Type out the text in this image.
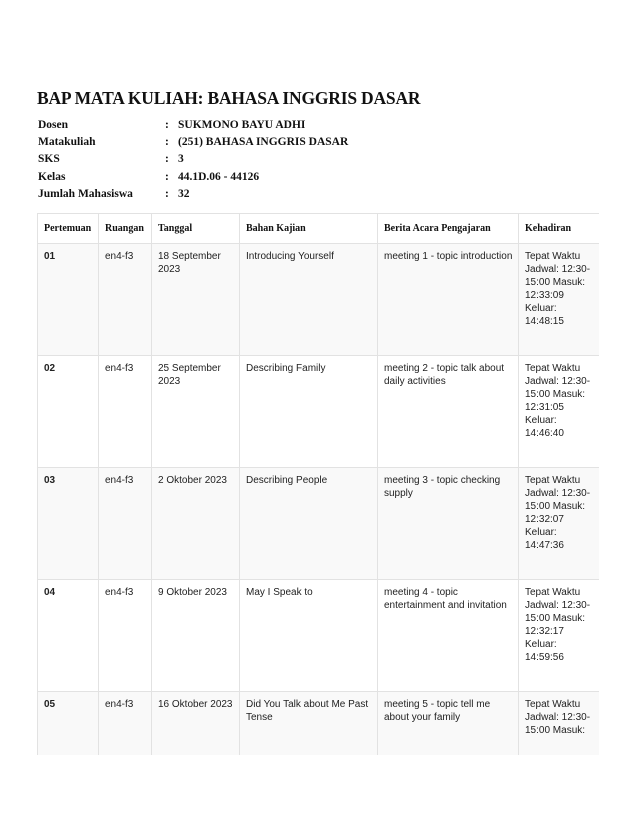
BAP MATA KULIAH: BAHASA INGGRIS DASAR
Dosen	: SUKMONO BAYU ADHI
Matakuliah	: (251) BAHASA INGGRIS DASAR
SKS	: 3
Kelas	: 44.1D.06 - 44126
Jumlah Mahasiswa	: 32
Pertemuan	Ruangan	Tanggal	Bahan Kajian	Berita Acara Pengajaran	Kehadiran
01	en4-f3	18 September 2023	Introducing Yourself	meeting 1 - topic introduction	Tepat Waktu Jadwal: 12:30-15:00 Masuk: 12:33:09 Keluar: 14:48:15
02	en4-f3	25 September 2023	Describing Family	meeting 2 - topic talk about daily activities	Tepat Waktu Jadwal: 12:30-15:00 Masuk: 12:31:05 Keluar: 14:46:40
03	en4-f3	2 Oktober 2023	Describing People	meeting 3 - topic checking supply	Tepat Waktu Jadwal: 12:30-15:00 Masuk: 12:32:07 Keluar: 14:47:36
04	en4-f3	9 Oktober 2023	May I Speak to	meeting 4 - topic entertainment and invitation	Tepat Waktu Jadwal: 12:30-15:00 Masuk: 12:32:17 Keluar: 14:59:56
05	en4-f3	16 Oktober 2023	Did You Talk about Me Past Tense	meeting 5 - topic tell me about your family	Tepat Waktu Jadwal: 12:30-15:00 Masuk:
